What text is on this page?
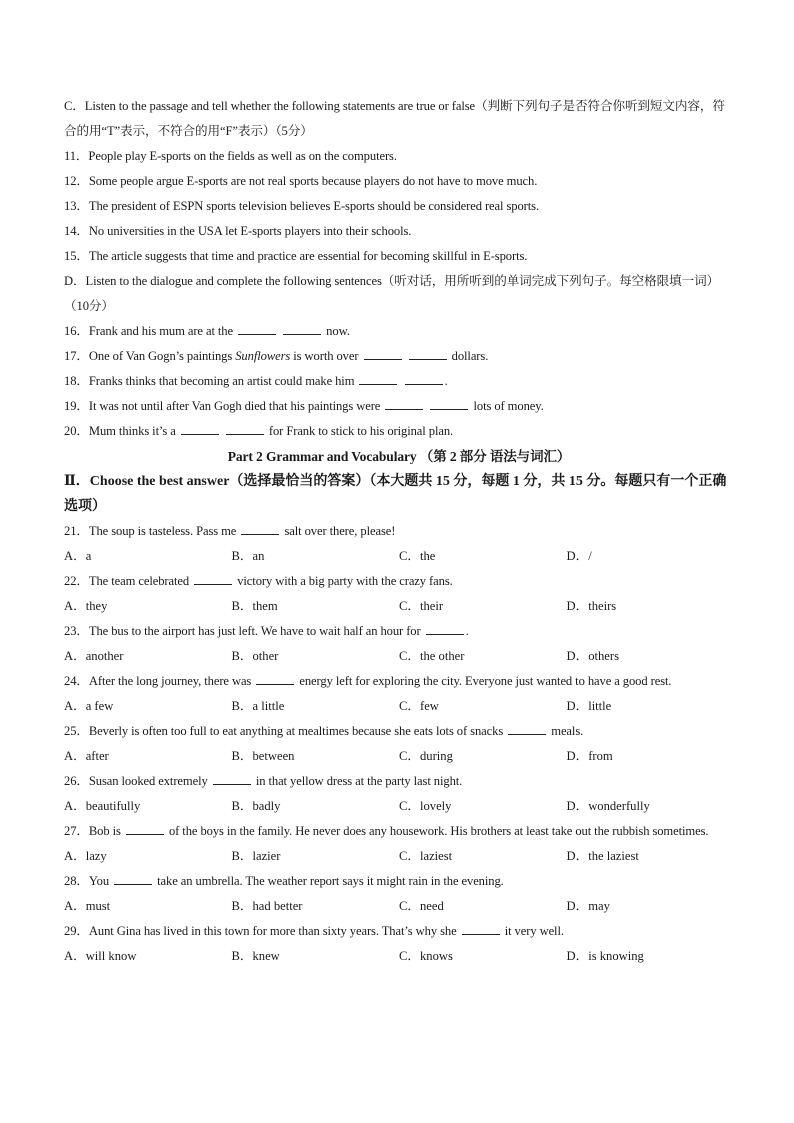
C．Listen to the passage and tell whether the following statements are true or false（判断下列句子是否符合你听到短文内容，符合的用“T”表示，不符合的用“F”表示）（5分）
11．People play E-sports on the fields as well as on the computers.
12．Some people argue E-sports are not real sports because players do not have to move much.
13．The president of ESPN sports television believes E-sports should be considered real sports.
14．No universities in the USA let E-sports players into their schools.
15．The article suggests that time and practice are essential for becoming skillful in E-sports.
D．Listen to the dialogue and complete the following sentences（听对话，用所听到的单词完成下列句子。每空格限填一词）（10分）
16．Frank and his mum are at the	now.
17．One of Van Gogn’s paintings Sunflowers is worth over	dollars.
18．Franks thinks that becoming an artist could make him	.
19．It was not until after Van Gogh died that his paintings were	lots of money.
20．Mum thinks it’s a	for Frank to stick to his original plan.
Part 2 Grammar and Vocabulary （第 2 部分 语法与词汇）
Ⅱ．Choose the best answer（选择最恰当的答案）（本大题共 15 分，每题 1 分，共 15 分。每题只有一个正确选项）
21．The soup is tasteless. Pass me	salt over there, please!
A．a	B．an	C．the	D．/
22．The team celebrated	victory with a big party with the crazy fans.
A．they	B．them	C．their	D．theirs
23．The bus to the airport has just left. We have to wait half an hour for	.
A．another	B．other	C．the other	D．others
24．After the long journey, there was	energy left for exploring the city. Everyone just wanted to have a good rest.
A．a few	B．a little	C．few	D．little
25．Beverly is often too full to eat anything at mealtimes because she eats lots of snacks	meals.
A．after	B．between	C．during	D．from
26．Susan looked extremely	in that yellow dress at the party last night.
A．beautifully	B．badly	C．lovely	D．wonderfully
27．Bob is	of the boys in the family. He never does any housework. His brothers at least take out the rubbish sometimes.
A．lazy	B．lazier	C．laziest	D．the laziest
28．You	take an umbrella. The weather report says it might rain in the evening.
A．must	B．had better	C．need	D．may
29．Aunt Gina has lived in this town for more than sixty years. That’s why she	it very well.
A．will know	B．knew	C．knows	D．is knowing
